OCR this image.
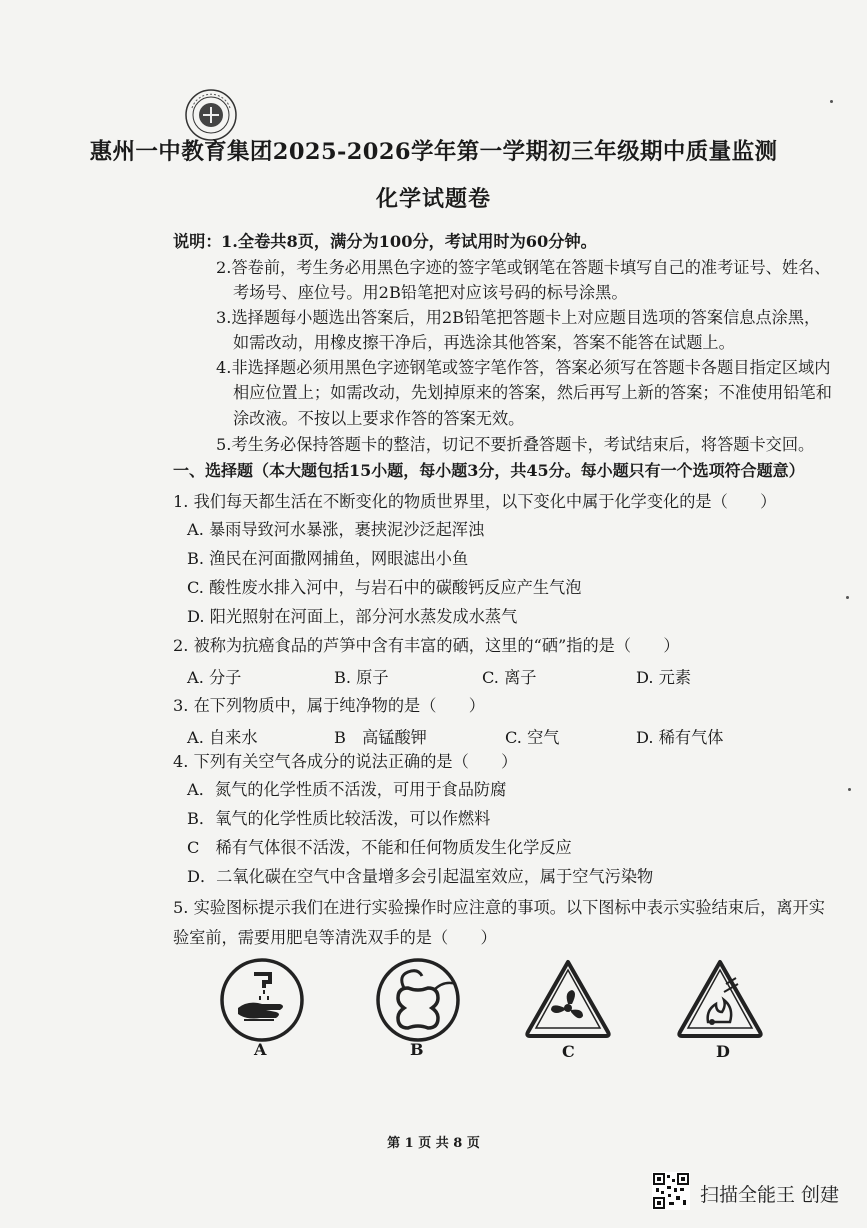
惠州一中教育集团2025-2026学年第一学期初三年级期中质量监测
化学试题卷
说明： 1.全卷共8页，满分为100分，考试用时为60分钟。
2.答卷前，考生务必用黑色字迹的签字笔或钢笔在答题卡填写自己的准考证号、姓名、
考场号、座位号。用2B铅笔把对应该号码的标号涂黑。
3.选择题每小题选出答案后，用2B铅笔把答题卡上对应题目选项的答案信息点涂黑，
如需改动，用橡皮擦干净后，再选涂其他答案，答案不能答在试题上。
4.非选择题必须用黑色字迹钢笔或签字笔作答，答案必须写在答题卡各题目指定区域内
相应位置上；如需改动，先划掉原来的答案，然后再写上新的答案；不准使用铅笔和
涂改液。不按以上要求作答的答案无效。
5.考生务必保持答题卡的整洁，切记不要折叠答题卡，考试结束后，将答题卡交回。
一、选择题（本大题包括15小题，每小题3分，共45分。每小题只有一个选项符合题意）
1. 我们每天都生活在不断变化的物质世界里，以下变化中属于化学变化的是（　　）
A. 暴雨导致河水暴涨，裹挟泥沙泛起浑浊
B. 渔民在河面撒网捕鱼，网眼滤出小鱼
C. 酸性废水排入河中，与岩石中的碳酸钙反应产生气泡
D. 阳光照射在河面上，部分河水蒸发成水蒸气
2. 被称为抗癌食品的芦笋中含有丰富的硒，这里的“硒”指的是（　　）
A. 分子	B. 原子	C. 离子	D. 元素
3. 在下列物质中，属于纯净物的是（　　）
A. 自来水	B　高锰酸钾	C. 空气	D. 稀有气体
4. 下列有关空气各成分的说法正确的是（　　）
A．氮气的化学性质不活泼，可用于食品防腐
B．氧气的化学性质比较活泼，可以作燃料
C　稀有气体很不活泼，不能和任何物质发生化学反应
D．二氧化碳在空气中含量增多会引起温室效应，属于空气污染物
5. 实验图标提示我们在进行实验操作时应注意的事项。以下图标中表示实验结束后，离开实
验室前，需要用肥皂等清洗双手的是（　　）
A	B	C	D
第 1 页 共 8 页
扫描全能王 创建
